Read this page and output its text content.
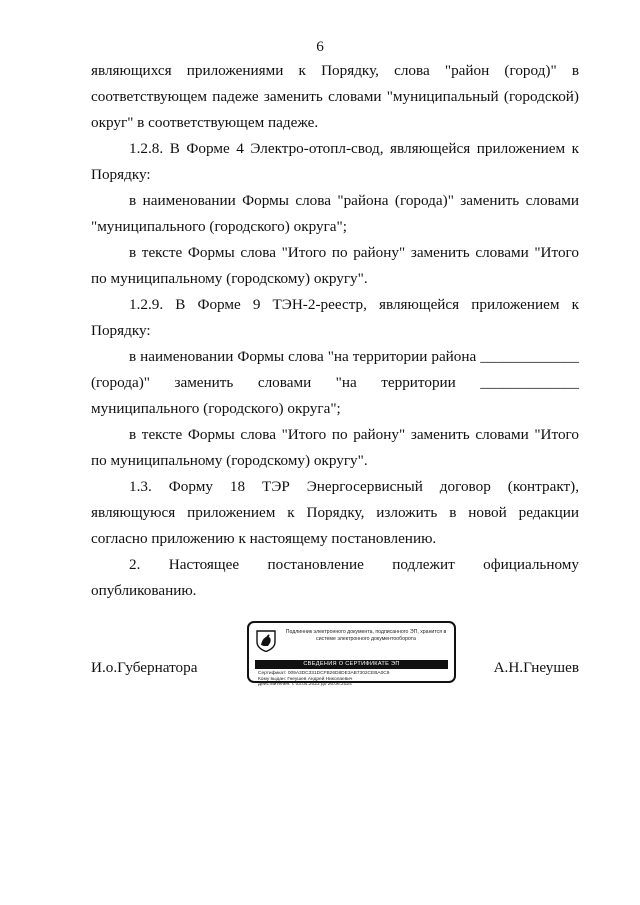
6
являющихся приложениями к Порядку, слова "район (город)" в
соответствующем падеже заменить словами "муниципальный (городской)
округ" в соответствующем падеже.
1.2.8. В Форме 4 Электро-отопл-свод, являющейся приложением к
Порядку:
в наименовании Формы слова "района (города)" заменить словами
"муниципального (городского) округа";
в тексте Формы слова "Итого по району" заменить словами "Итого
по муниципальному (городскому) округу".
1.2.9. В Форме 9 ТЭН-2-реестр, являющейся приложением к
Порядку:
в наименовании Формы слова "на территории района _____________
(города)" заменить словами "на территории _____________
муниципального (городского) округа";
в тексте Формы слова "Итого по району" заменить словами "Итого
по муниципальному (городскому) округу".
1.3. Форму 18 ТЭР Энергосервисный договор (контракт),
являющуюся приложением к Порядку, изложить в новой редакции
согласно приложению к настоящему постановлению.
2. Настоящее постановление подлежит официальному
опубликованию.
И.о.Губернатора	А.Н.Гнеушев
Подлинник электронного документа, подписанного ЭП, хранится в системе электронного документооборота
СВЕДЕНИЯ О СЕРТИФИКАТЕ ЭП
Сертификат: 009A3DC331DCFB26D8DE3AB7302CEBA0C9
Кому выдан: Гнеушев Андрей Николаевич
Действителен: с 03.04.2023 до 26.06.2024
